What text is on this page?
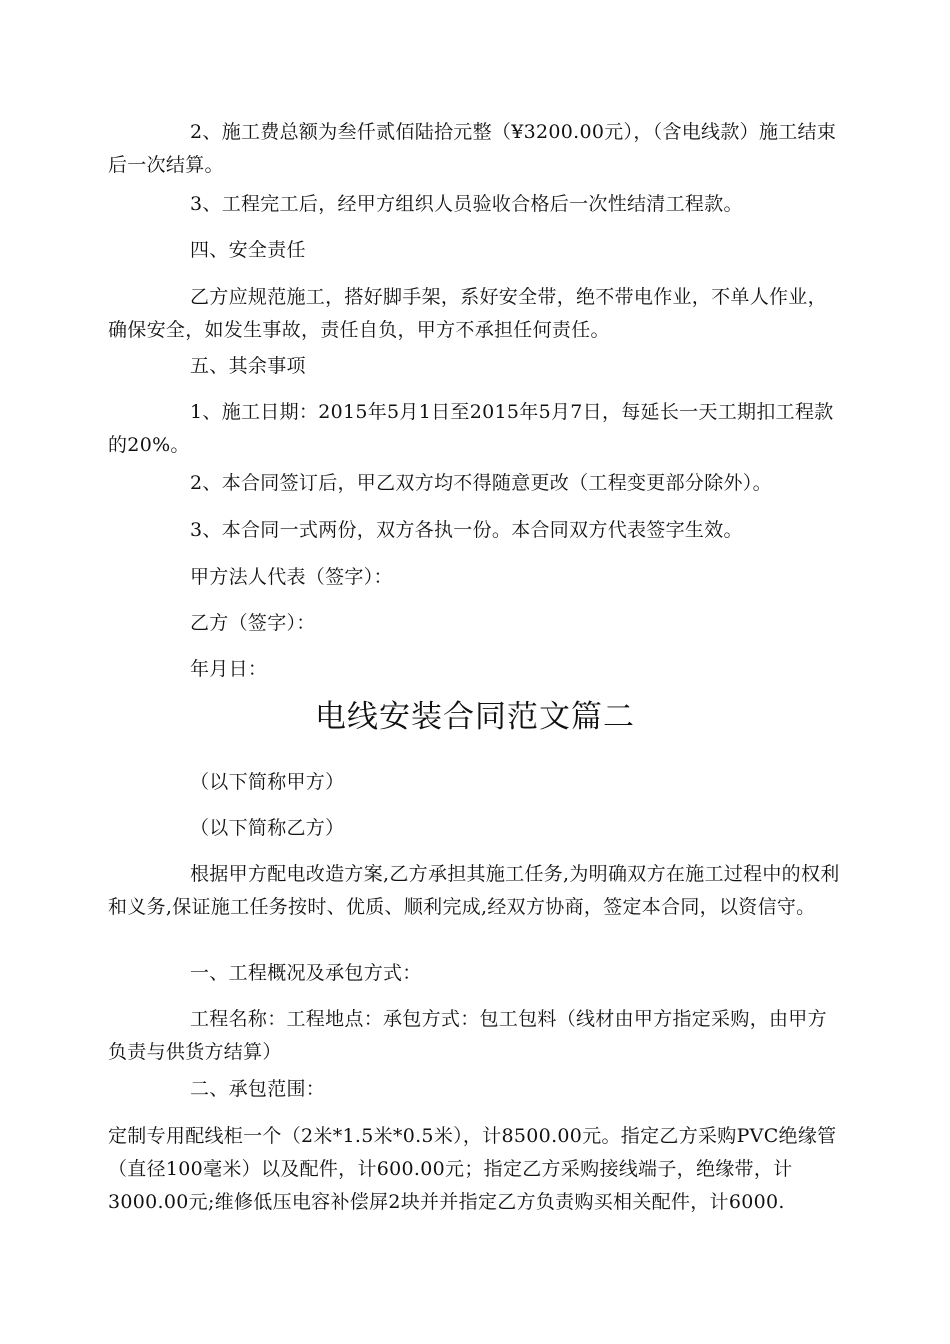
2、施工费总额为叁仟贰佰陆拾元整（¥3200.00元），（含电线款）施工结束后一次结算。

3、工程完工后，经甲方组织人员验收合格后一次性结清工程款。

四、安全责任

乙方应规范施工，搭好脚手架，系好安全带，绝不带电作业，不单人作业，确保安全，如发生事故，责任自负，甲方不承担任何责任。

五、其余事项

1、施工日期：2015年5月1日至2015年5月7日，每延长一天工期扣工程款的20%。

2、本合同签订后，甲乙双方均不得随意更改（工程变更部分除外）。

3、本合同一式两份，双方各执一份。本合同双方代表签字生效。

甲方法人代表（签字）：

乙方（签字）：

年月日：

电线安装合同范文篇二

（以下简称甲方）

（以下简称乙方）

根据甲方配电改造方案,乙方承担其施工任务,为明确双方在施工过程中的权利和义务,保证施工任务按时、优质、顺利完成,经双方协商，签定本合同，以资信守。

一、工程概况及承包方式：

工程名称：工程地点：承包方式：包工包料（线材由甲方指定采购，由甲方负责与供货方结算）

二、承包范围：

定制专用配线柜一个（2米*1.5米*0.5米），计8500.00元。指定乙方采购PVC绝缘管（直径100毫米）以及配件，计600.00元；指定乙方采购接线端子，绝缘带，计3000.00元;维修低压电容补偿屏2块并并指定乙方负责购买相关配件，计6000.
